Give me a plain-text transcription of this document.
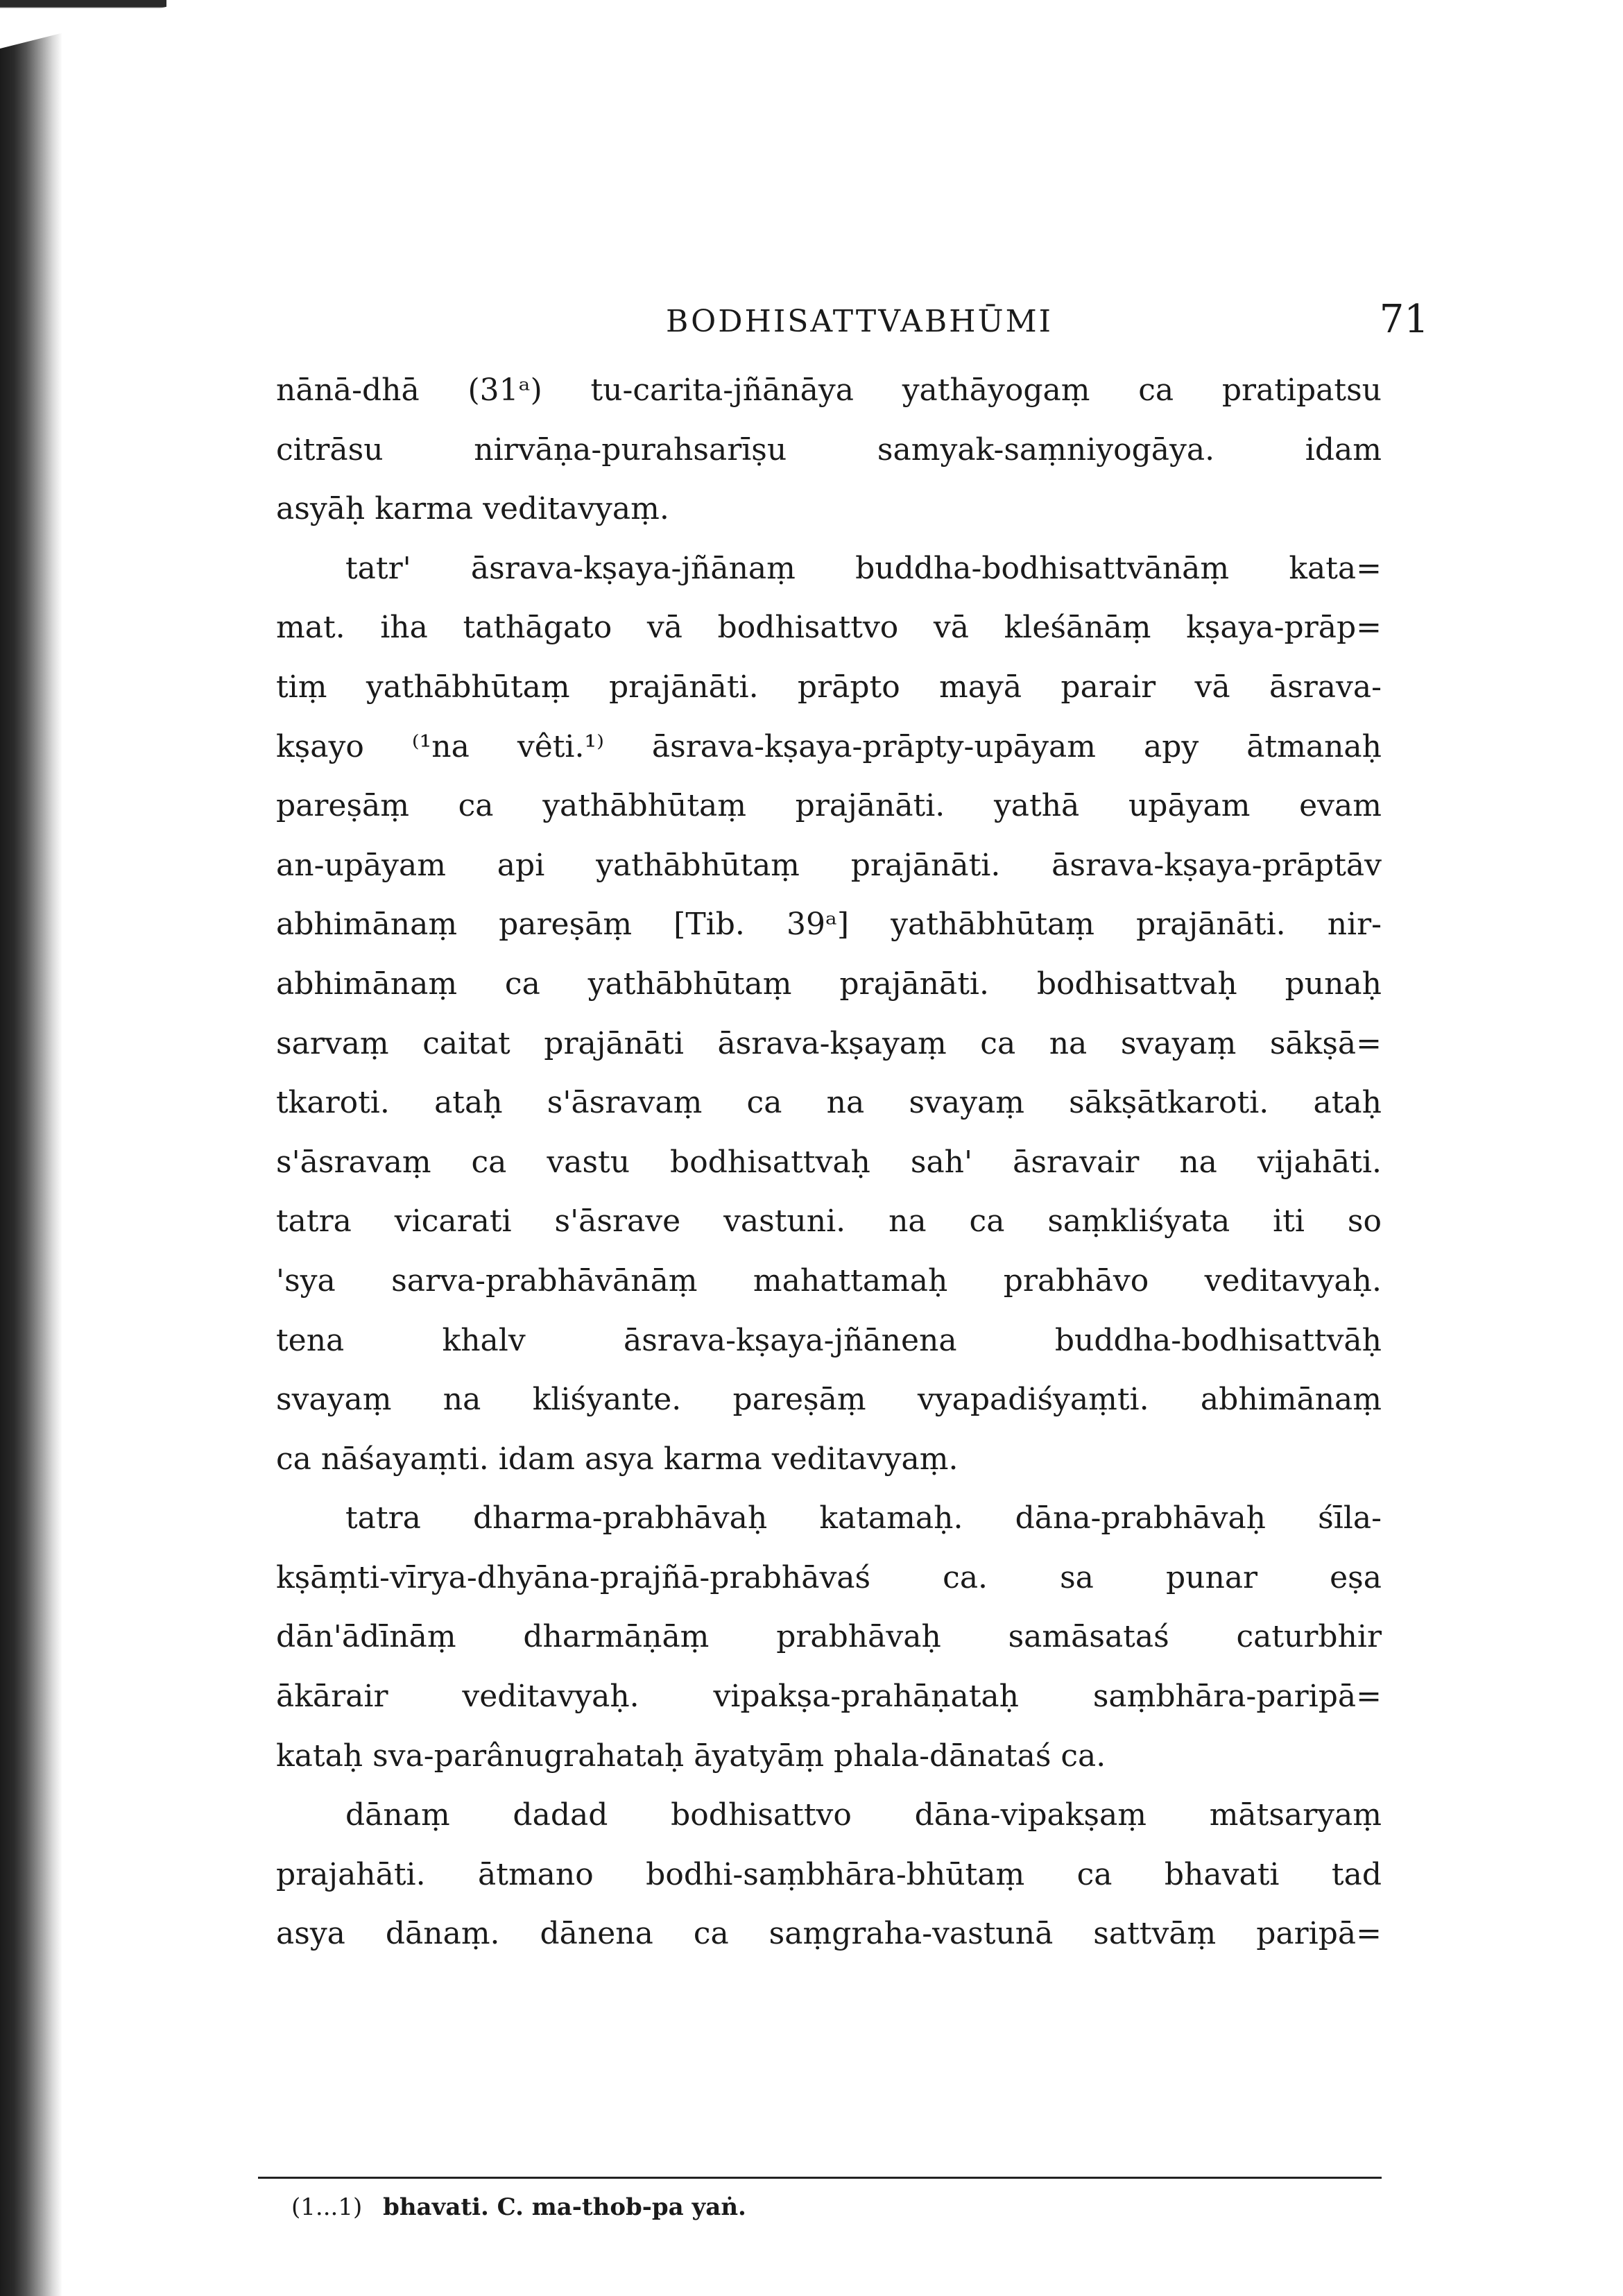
BODHISATTVABHŪMI	71
nānā-dhā (31ᵃ) tu-carita-jñānāya yathāyogaṃ ca pratipatsu
citrāsu nirvāṇa-purahsarīṣu samyak-saṃniyogāya. idam
asyāḥ karma veditavyaṃ.
tatr' āsrava-kṣaya-jñānaṃ buddha-bodhisattvānāṃ kata=
mat. iha tathāgato vā bodhisattvo vā kleśānāṃ kṣaya-prāp=
tiṃ yathābhūtaṃ prajānāti. prāpto mayā parair vā āsrava-
kṣayo ⁽¹na vêti.¹⁾ āsrava-kṣaya-prāpty-upāyam apy ātmanaḥ
pareṣāṃ ca yathābhūtaṃ prajānāti. yathā upāyam evam
an-upāyam api yathābhūtaṃ prajānāti. āsrava-kṣaya-prāptāv
abhimānaṃ pareṣāṃ [Tib. 39ᵃ] yathābhūtaṃ prajānāti. nir-
abhimānaṃ ca yathābhūtaṃ prajānāti. bodhisattvaḥ punaḥ
sarvaṃ caitat prajānāti āsrava-kṣayaṃ ca na svayaṃ sākṣā=
tkaroti. ataḥ s'āsravaṃ ca na svayaṃ sākṣātkaroti. ataḥ
s'āsravaṃ ca vastu bodhisattvaḥ sah' āsravair na vijahāti.
tatra vicarati s'āsrave vastuni. na ca saṃkliśyata iti so
'sya sarva-prabhāvānāṃ mahattamaḥ prabhāvo veditavyaḥ.
tena khalv āsrava-kṣaya-jñānena buddha-bodhisattvāḥ
svayaṃ na kliśyante. pareṣāṃ vyapadiśyaṃti. abhimānaṃ
ca nāśayaṃti. idam asya karma veditavyaṃ.
tatra dharma-prabhāvaḥ katamaḥ. dāna-prabhāvaḥ śīla-
kṣāṃti-vīrya-dhyāna-prajñā-prabhāvaś ca. sa punar eṣa
dān'ādīnāṃ dharmāṇāṃ prabhāvaḥ samāsataś caturbhir
ākārair veditavyaḥ. vipakṣa-prahāṇataḥ saṃbhāra-paripā=
kataḥ sva-parânugrahataḥ āyatyāṃ phala-dānataś ca.
dānaṃ dadad bodhisattvo dāna-vipakṣaṃ mātsaryaṃ
prajahāti. ātmano bodhi-saṃbhāra-bhūtaṃ ca bhavati tad
asya dānaṃ. dānena ca saṃgraha-vastunā sattvāṃ paripā=
(1...1) bhavati. C. ma-thob-pa yaṅ.
